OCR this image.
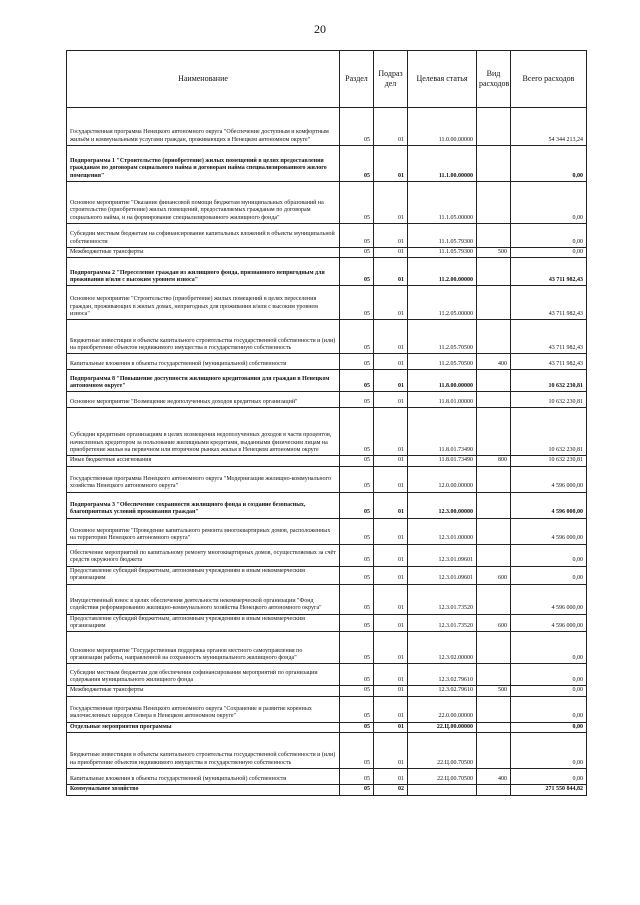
20
Наименование	Раздел	Подраз дел	Целевая статья	Вид расходов	Всего расходов
Государственная программа Ненецкого автономного округа "Обеспечение доступным и комфортным жильём и коммунальными услугами граждан, проживающих в Ненецком автономном округе"	05	01	11.0.00.00000		54 344 213,24
Подпрограмма 1 "Строительство (приобретение) жилых помещений в целях предоставления гражданам по договорам социального найма и договорам найма специализированного жилого помещения"	05	01	11.1.00.00000		0,00
Основное мероприятие "Оказание финансовой помощи бюджетам муниципальных образований на строительство (приобретение) жилых помещений, предоставляемых гражданам по договорам социального найма, и на формирование специализированного жилищного фонда"	05	01	11.1.05.00000		0,00
Субсидии местным бюджетам на софинансирование капитальных вложений в объекты муниципальной собственности	05	01	11.1.05.79300		0,00
Межбюджетные трансферты	05	01	11.1.05.79300	500	0,00
Подпрограмма 2 "Переселение граждан из жилищного фонда, признанного непригодным для проживания и/или с высоким уровнем износа"	05	01	11.2.00.00000		43 711 982,43
Основное мероприятие "Строительство (приобретение) жилых помещений в целях переселения граждан, проживающих в жилых домах, непригодных для проживания и/или с высоким уровнем износа"	05	01	11.2.05.00000		43 711 982,43
Бюджетные инвестиции в объекты капитального строительства государственной собственности и (или) на приобретение объектов недвижимого имущества в государственную собственность	05	01	11.2.05.70500		43 711 982,43
Капитальные вложения в объекты государственной (муниципальной) собственности	05	01	11.2.05.70500	400	43 711 982,43
Подпрограмма 8 "Повышение доступности жилищного кредитования для граждан в Ненецком автономном округе"	05	01	11.8.00.00000		10 632 230,81
Основное мероприятие "Возмещение недополученных доходов кредитных организаций"	05	01	11.8.01.00000		10 632 230,81
Субсидии кредитным организациям в целях возмещения недополученных доходов в части процентов, начисленных кредитором за пользование жилищными кредитами, выданными физическим лицам на приобретение жилья на первичном или вторичном рынках жилья в Ненецком автономном округе	05	01	11.8.01.73490		10 632 230,81
Иные бюджетные ассигнования	05	01	11.8.01.73490	800	10 632 230,81
Государственная программа Ненецкого автономного округа "Модернизация жилищно-коммунального хозяйства Ненецкого автономного округа"	05	01	12.0.00.00000		4 596 000,00
Подпрограмма 3 "Обеспечение сохранности жилищного фонда и создание безопасных, благоприятных условий проживания граждан"	05	01	12.3.00.00000		4 596 000,00
Основное мероприятие "Проведение капитального ремонта многоквартирных домов, расположенных на территории Ненецкого автономного округа"	05	01	12.3.01.00000		4 596 000,00
Обеспечение мероприятий по капитальному ремонту многоквартирных домов, осуществляемых за счёт средств окружного бюджета	05	01	12.3.01.09601		0,00
Предоставление субсидий бюджетным, автономным учреждениям и иным некоммерческим организациям	05	01	12.3.01.09601	600	0,00
Имущественный взнос в целях обеспечения деятельности некоммерческой организации "Фонд содействия реформированию жилищно-коммунального хозяйства Ненецкого автономного округа"	05	01	12.3.01.73520		4 596 000,00
Предоставление субсидий бюджетным, автономным учреждениям и иным некоммерческим организациям	05	01	12.3.01.73520	600	4 596 000,00
Основное мероприятие "Государственная поддержка органов местного самоуправления по организации работы, направленной на сохранность муниципального жилищного фонда"	05	01	12.3.02.00000		0,00
Субсидии местным бюджетам для обеспечения софинансирования мероприятий по организации содержания муниципального жилищного фонда	05	01	12.3.02.79610		0,00
Межбюджетные трансферты	05	01	12.3.02.79610	500	0,00
Государственная программа Ненецкого автономного округа "Сохранение и развитие коренных малочисленных народов Севера в Ненецком автономном округе"	05	01	22.0.00.00000		0,00
Отдельные мероприятия программы	05	01	22.Ц.00.00000		0,00
Бюджетные инвестиции в объекты капитального строительства государственной собственности и (или) на приобретение объектов недвижимого имущества в государственную собственность	05	01	22.Ц.00.70500		0,00
Капитальные вложения в объекты государственной (муниципальной) собственности	05	01	22.Ц.00.70500	400	0,00
Коммунальное хозяйство	05	02			271 550 844,82
